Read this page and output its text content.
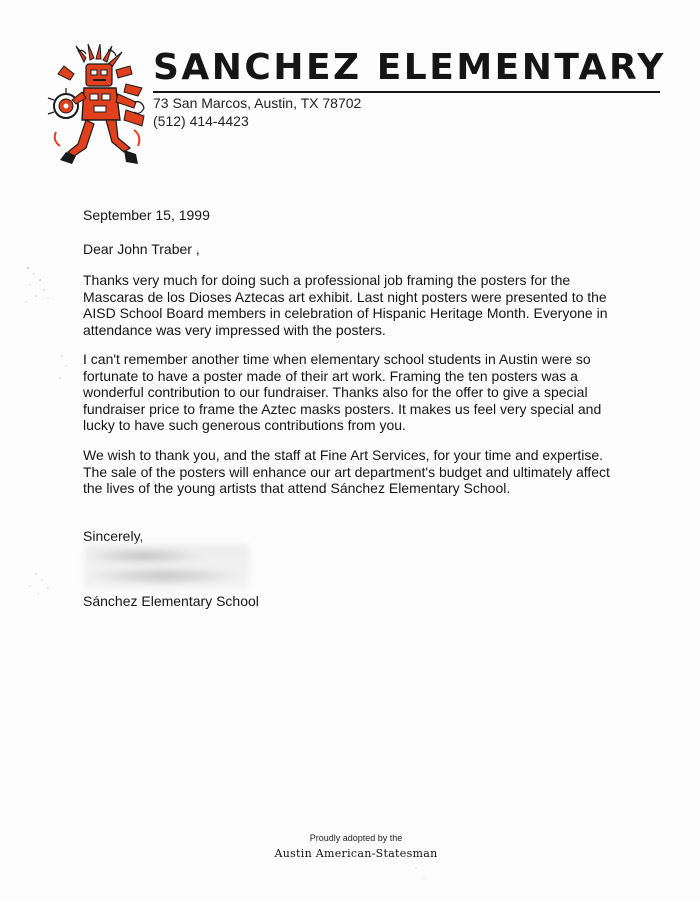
SANCHEZ ELEMENTARY
73 San Marcos, Austin, TX 78702
(512) 414-4423
September 15, 1999
Dear John Traber ,

Thanks very much for doing such a professional job framing the posters for the

Mascaras de los Dioses Aztecas art exhibit. Last night posters were presented to the

AISD School Board members in celebration of Hispanic Heritage Month. Everyone in

attendance was very impressed with the posters.

I can't remember another time when elementary school students in Austin were so

fortunate to have a poster made of their art work. Framing the ten posters was a

wonderful contribution to our fundraiser. Thanks also for the offer to give a special

fundraiser price to frame the Aztec masks posters. It makes us feel very special and

lucky to have such generous contributions from you.

We wish to thank you, and the staff at Fine Art Services, for your time and expertise.

The sale of the posters will enhance our art department's budget and ultimately affect

the lives of the young artists that attend Sánchez Elementary School.

Sincerely,
Sánchez Elementary School
Proudly adopted by the
Austin American-Statesman
